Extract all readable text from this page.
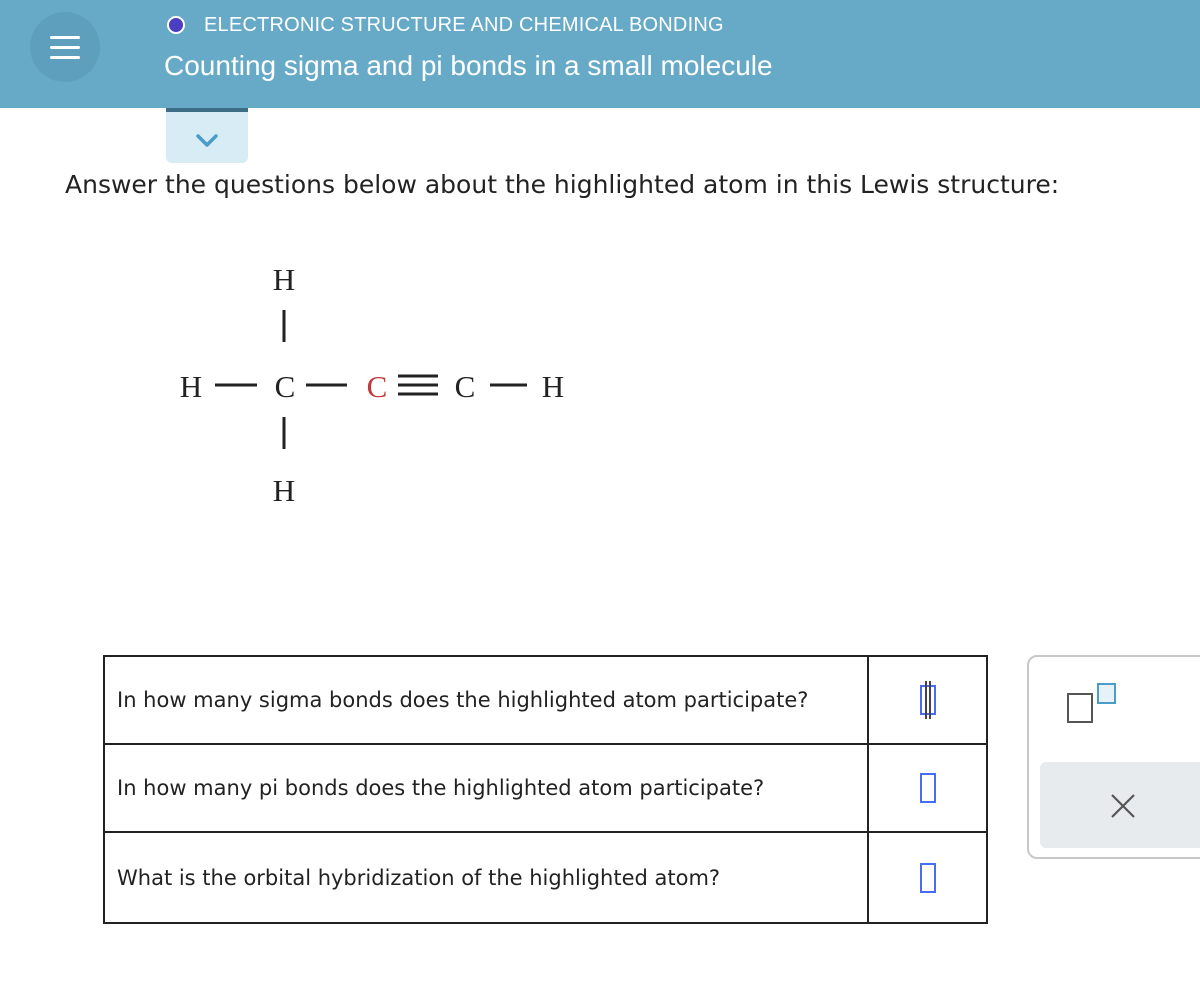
ELECTRONIC STRUCTURE AND CHEMICAL BONDING
Counting sigma and pi bonds in a small molecule
Answer the questions below about the highlighted atom in this Lewis structure:
H
H C C C H
H
In how many sigma bonds does the highlighted atom participate?	
In how many pi bonds does the highlighted atom participate?	
What is the orbital hybridization of the highlighted atom?	
